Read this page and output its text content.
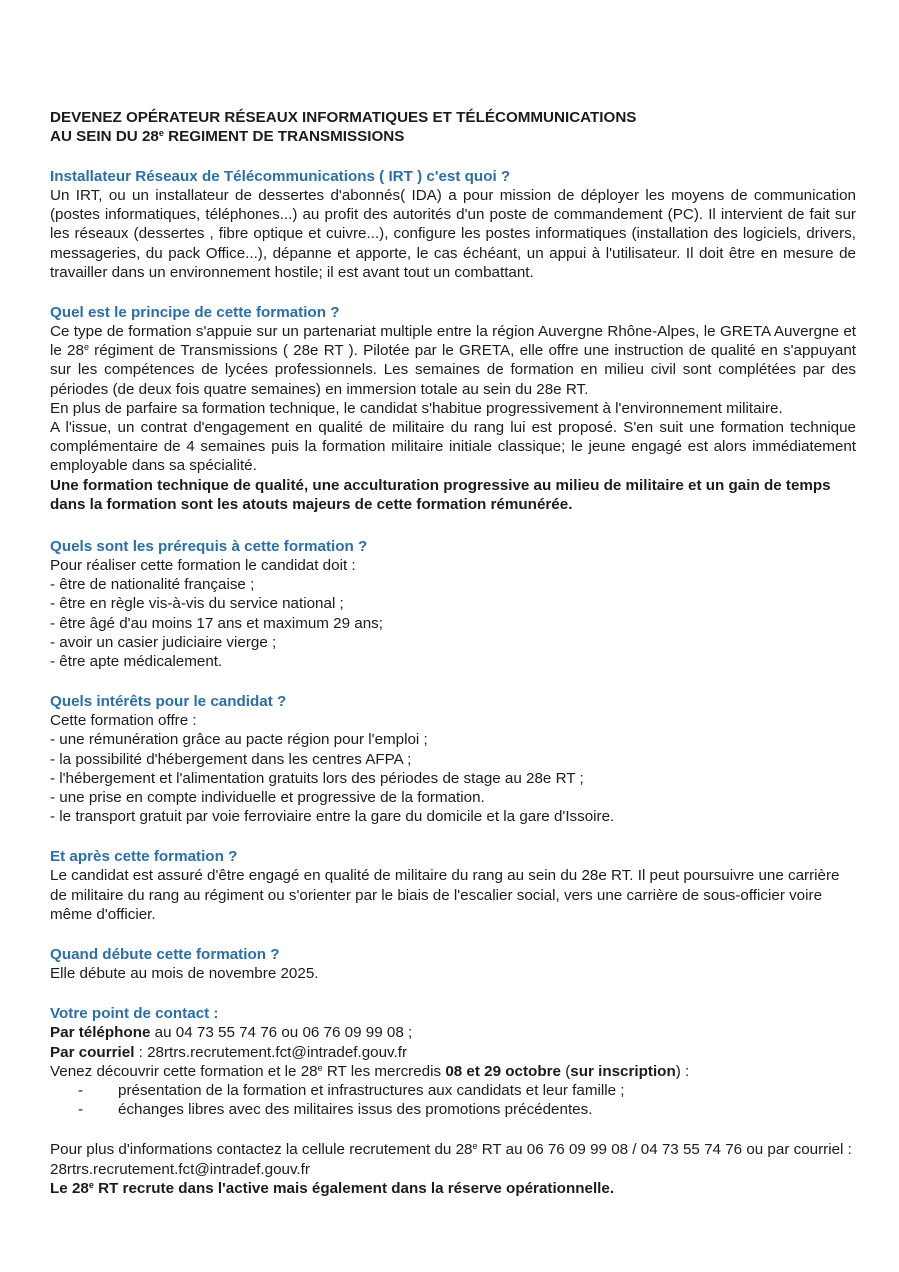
DEVENEZ OPÉRATEUR RÉSEAUX INFORMATIQUES ET TÉLÉCOMMUNICATIONS
AU SEIN DU 28e REGIMENT DE TRANSMISSIONS
Installateur Réseaux de Télécommunications ( IRT ) c'est quoi ?
Un IRT, ou un installateur de dessertes d'abonnés( IDA) a pour mission de déployer les moyens de communication (postes informatiques, téléphones...) au profit des autorités d'un poste de commandement (PC). Il intervient de fait sur les réseaux (dessertes , fibre optique et cuivre...), configure les postes informatiques (installation des logiciels, drivers, messageries, du pack Office...), dépanne et apporte, le cas échéant, un appui à l'utilisateur. Il doit être en mesure de travailler dans un environnement hostile; il est avant tout un combattant.
Quel est le principe de cette formation ?
Ce type de formation s'appuie sur un partenariat multiple entre la région Auvergne Rhône-Alpes, le GRETA Auvergne et le 28e régiment de Transmissions ( 28e RT ). Pilotée par le GRETA, elle offre une instruction de qualité en s'appuyant sur les compétences de lycées professionnels. Les semaines de formation en milieu civil sont complétées par des périodes (de deux fois quatre semaines) en immersion totale au sein du 28e RT.
En plus de parfaire sa formation technique, le candidat s'habitue progressivement à l'environnement militaire.
A l'issue, un contrat d'engagement en qualité de militaire du rang lui est proposé. S'en suit une formation technique complémentaire de 4 semaines puis la formation militaire initiale classique; le jeune engagé est alors immédiatement employable dans sa spécialité.
Une formation technique de qualité, une acculturation progressive au milieu de militaire et un gain de temps dans la formation sont les atouts majeurs de cette formation rémunérée.
Quels sont les prérequis à cette formation ?
Pour réaliser cette formation le candidat doit :
- être de nationalité française ;
- être en règle vis-à-vis du service national ;
- être âgé d'au moins 17 ans et maximum 29 ans;
- avoir un casier judiciaire vierge ;
- être apte médicalement.
Quels intérêts pour le candidat ?
Cette formation offre :
- une rémunération grâce au pacte région pour l'emploi ;
- la possibilité d'hébergement dans les centres AFPA ;
- l'hébergement et l'alimentation gratuits lors des périodes de stage au 28e RT ;
- une prise en compte individuelle et progressive de la formation.
- le transport gratuit par voie ferroviaire entre la gare du domicile et la gare d'Issoire.
Et après cette formation ?
Le candidat est assuré d'être engagé en qualité de militaire du rang au sein du 28e RT. Il peut poursuivre une carrière de militaire du rang au régiment ou s'orienter par le biais de l'escalier social, vers une carrière de sous-officier voire même d'officier.
Quand débute cette formation ?
Elle débute au mois de novembre 2025.
Votre point de contact :
Par téléphone au 04 73 55 74 76 ou 06 76 09 99 08 ;
Par courriel : 28rtrs.recrutement.fct@intradef.gouv.fr
Venez découvrir cette formation et le 28e RT les mercredis 08 et 29 octobre (sur inscription) :
- présentation de la formation et infrastructures aux candidats et leur famille ;
- échanges libres avec des militaires issus des promotions précédentes.
Pour plus d'informations contactez la cellule recrutement du 28e RT au 06 76 09 99 08 / 04 73 55 74 76 ou par courriel : 28rtrs.recrutement.fct@intradef.gouv.fr
Le 28e RT recrute dans l'active mais également dans la réserve opérationnelle.
